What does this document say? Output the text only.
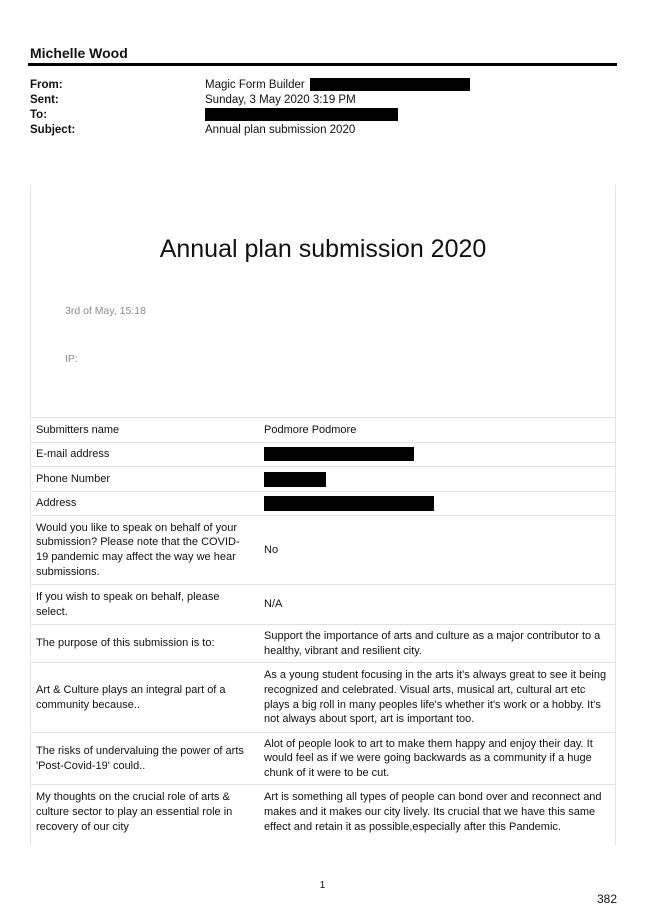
Michelle Wood
From:	Magic Form Builder
Sent:	Sunday, 3 May 2020 3:19 PM
To:
Subject:	Annual plan submission 2020
Annual plan submission 2020
3rd of May, 15:18
IP:
Submitters name	Podmore Podmore
E-mail address	
Phone Number	
Address	
Would you like to speak on behalf of your submission? Please note that the COVID-19 pandemic may affect the way we hear submissions.	No
If you wish to speak on behalf, please select.	N/A
The purpose of this submission is to:	Support the importance of arts and culture as a major contributor to a healthy, vibrant and resilient city.
Art & Culture plays an integral part of a community because..	As a young student focusing in the arts it's always great to see it being recognized and celebrated. Visual arts, musical art, cultural art etc plays a big roll in many peoples life's whether it's work or a hobby. It's not always about sport, art is important too.
The risks of undervaluing the power of arts 'Post-Covid-19' could..	Alot of people look to art to make them happy and enjoy their day. It would feel as if we were going backwards as a community if a huge chunk of it were to be cut.
My thoughts on the crucial role of arts & culture sector to play an essential role in recovery of our city	Art is something all types of people can bond over and reconnect and makes and it makes our city lively. Its crucial that we have this same effect and retain it as possible,especially after this Pandemic.
1
382
